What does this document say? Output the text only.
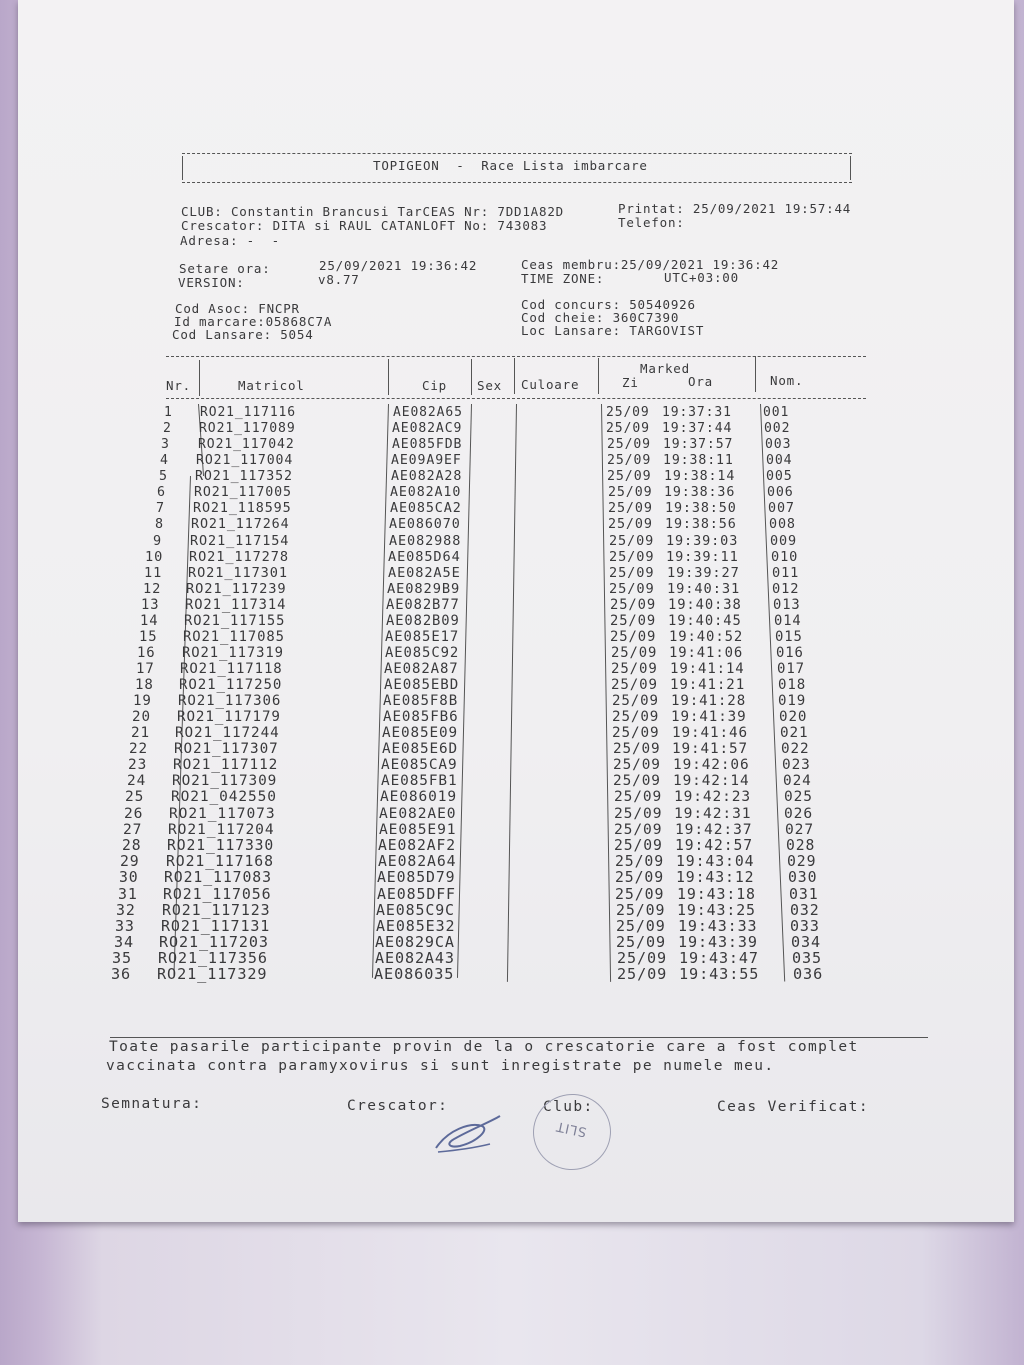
TOPIGEON  -  Race Lista imbarcare
CLUB: Constantin Brancusi TarCEAS Nr: 7DD1A82D	Printat: 25/09/2021 19:57:44
Crescator: DITA si RAUL CATANLOFT No: 743083	Telefon:
Adresa: -  -
Setare ora:	25/09/2021 19:36:42
VERSION:	v8.77
Ceas membru:25/09/2021 19:36:42
TIME ZONE:	UTC+03:00
Cod Asoc: FNCPR
Id marcare:05868C7A
Cod Lansare: 5054
Cod concurs: 50540926
Cod cheie: 360C7390
Loc Lansare: TARGOVIST
Nr.	Matricol	Cip Sex Culoare
Marked
Zi	Ora	Nom.
1 RO21_117116	AE082A65	25/09 19:37:31 001
2 RO21_117089	AE082AC9	25/09 19:37:44 002
3 RO21_117042	AE085FDB	25/09 19:37:57 003
4 RO21_117004	AE09A9EF	25/09 19:38:11 004
5 RO21_117352	AE082A28	25/09 19:38:14 005
6 RO21_117005	AE082A10	25/09 19:38:36 006
7 RO21_118595	AE085CA2	25/09 19:38:50 007
8 RO21_117264	AE086070	25/09 19:38:56 008
9 RO21_117154	AE082988	25/09 19:39:03 009
10 RO21_117278	AE085D64	25/09 19:39:11 010
11 RO21_117301	AE082A5E	25/09 19:39:27 011
12 RO21_117239	AE0829B9	25/09 19:40:31 012
13 RO21_117314	AE082B77	25/09 19:40:38 013
14 RO21_117155	AE082B09	25/09 19:40:45 014
15 RO21_117085	AE085E17	25/09 19:40:52 015
16 RO21_117319	AE085C92	25/09 19:41:06 016
17 RO21_117118	AE082A87	25/09 19:41:14 017
18 RO21_117250	AE085EBD	25/09 19:41:21 018
19 RO21_117306	AE085F8B	25/09 19:41:28 019
20 RO21_117179	AE085FB6	25/09 19:41:39 020
21 RO21_117244	AE085E09	25/09 19:41:46 021
22 RO21_117307	AE085E6D	25/09 19:41:57 022
23 RO21_117112	AE085CA9	25/09 19:42:06 023
24 RO21_117309	AE085FB1	25/09 19:42:14 024
25 RO21_042550	AE086019	25/09 19:42:23 025
26 RO21_117073	AE082AE0	25/09 19:42:31 026
27 RO21_117204	AE085E91	25/09 19:42:37 027
28 RO21_117330	AE082AF2	25/09 19:42:57 028
29 RO21_117168	AE082A64	25/09 19:43:04 029
30 RO21_117083	AE085D79	25/09 19:43:12 030
31 RO21_117056	AE085DFF	25/09 19:43:18 031
32 RO21_117123	AE085C9C	25/09 19:43:25 032
33 RO21_117131	AE085E32	25/09 19:43:33 033
34 RO21_117203	AE0829CA	25/09 19:43:39 034
35 RO21_117356	AE082A43	25/09 19:43:47 035
36 RO21_117329	AE086035	25/09 19:43:55 036
Toate pasarile participante provin de la o crescatorie care a fost complet
vaccinata contra paramyxovirus si sunt inregistrate pe numele meu.
Semnatura:	Crescator:	Club:	Ceas Verificat:
SLIT
